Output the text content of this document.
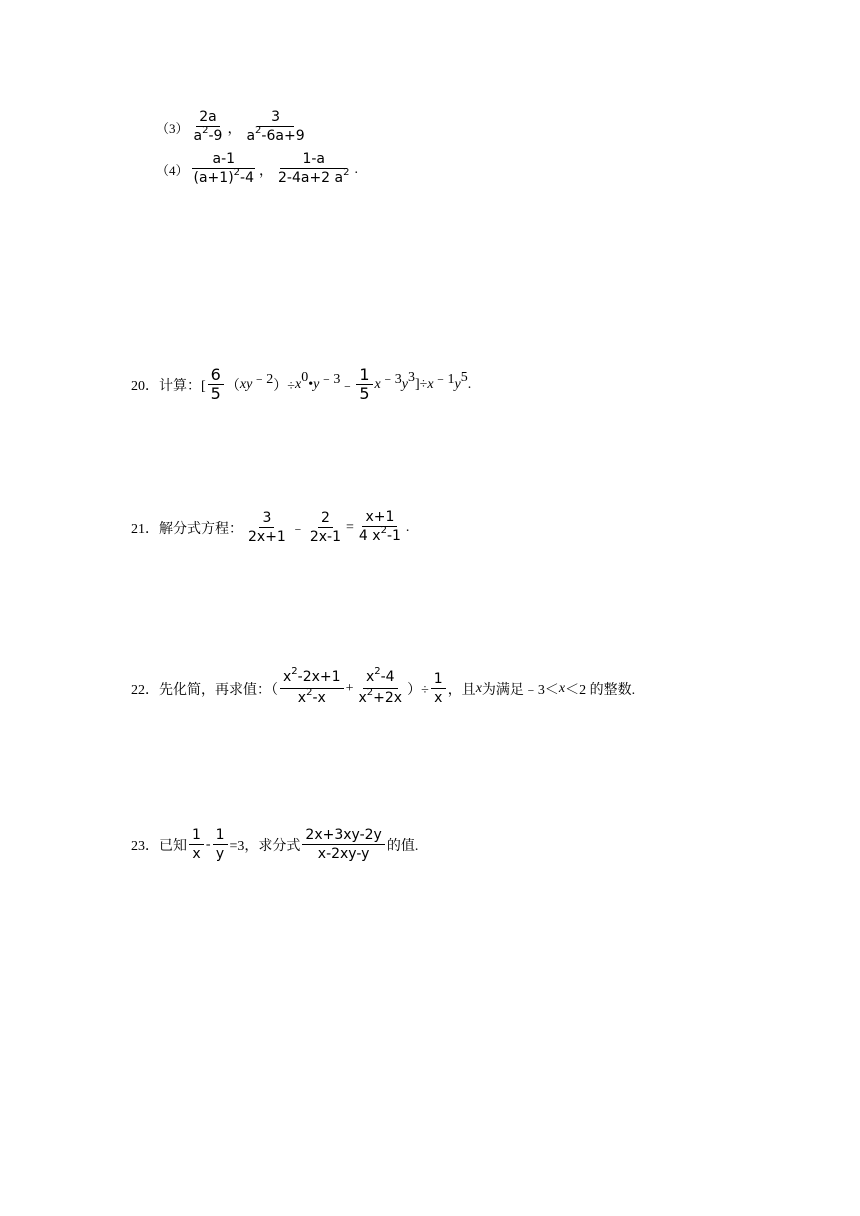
$(3) \frac{2a}{a^2-9}$ ， $\frac{3}{a^2-6a+9}$
$(4) \frac{a-1}{(a+1)^2-4}$ ， $\frac{1-a}{2-4a+2 a^2}$ .
20．计算：[ $\frac{6}{5}$ （ xy ﹣2 ）÷ x 0 • y ﹣3 ﹣ $\frac{1}{5}$ x ﹣3 y 3 ]÷ x ﹣1 y 5 .
21．解分式方程： $\frac{3}{2x+1}$ ﹣ $\frac{2}{2x-1} = \frac{x+1}{4 x^2-1}$ .
22．先化简，再求值：（ $\frac{x^2-2x+1}{x^2-x} + \frac{x^2-4}{x^2+2x}$ ）÷ $\frac{1}{x}$ ，且 x 为满足﹣3＜ x ＜2 的整数.
23．已知 $\frac{1}{x} - \frac{1}{y} =3$，求分式 $\frac{2x+3xy-2y}{x-2xy-y}$ 的值.
